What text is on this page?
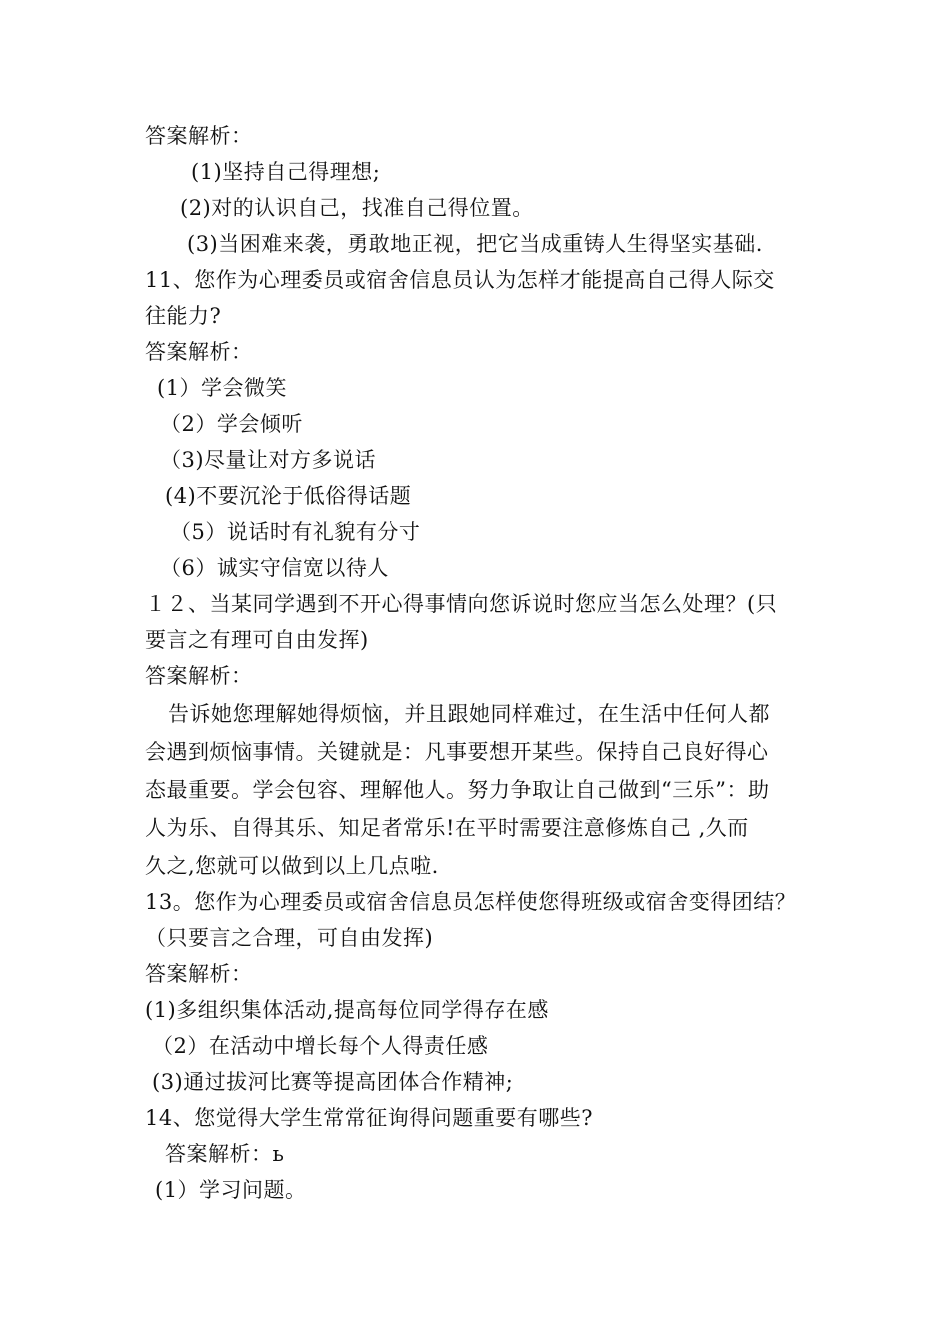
答案解析：
(1)坚持自己得理想;
(2)对的认识自己，找准自己得位置。
(3)当困难来袭，勇敢地正视，把它当成重铸人生得坚实基础.
11、您作为心理委员或宿舍信息员认为怎样才能提高自己得人际交
往能力?
答案解析：
(1）学会微笑
（2）学会倾听
（3)尽量让对方多说话
(4)不要沉沦于低俗得话题
（5）说话时有礼貌有分寸
（6）诚实守信宽以待人
１２、当某同学遇到不开心得事情向您诉说时您应当怎么处理？(只
要言之有理可自由发挥)
答案解析：
告诉她您理解她得烦恼，并且跟她同样难过，在生活中任何人都
会遇到烦恼事情。关键就是：凡事要想开某些。保持自己良好得心
态最重要。学会包容、理解他人。努力争取让自己做到“三乐”：助
人为乐、自得其乐、知足者常乐!在平时需要注意修炼自己 ,久而
久之,您就可以做到以上几点啦.
13。您作为心理委员或宿舍信息员怎样使您得班级或宿舍变得团结？
（只要言之合理，可自由发挥)
答案解析：
(1)多组织集体活动,提高每位同学得存在感
（2）在活动中增长每个人得责任感
(3)通过拔河比赛等提高团体合作精神;
14、您觉得大学生常常征询得问题重要有哪些?
答案解析：ь
(1）学习问题。
